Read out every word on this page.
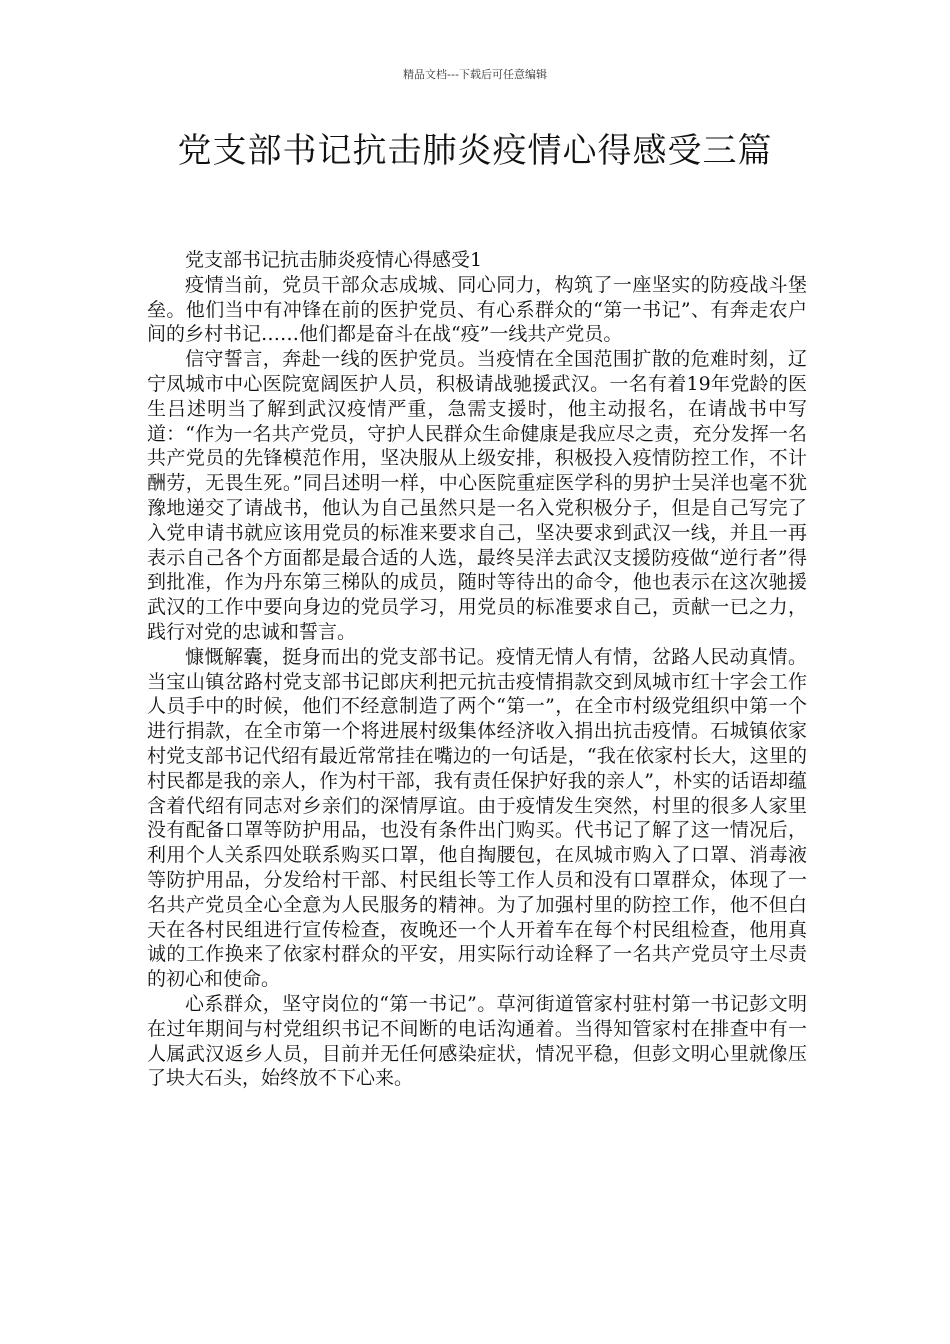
精品文档---下载后可任意编辑
党支部书记抗击肺炎疫情心得感受三篇

党支部书记抗击肺炎疫情心得感受1

疫情当前，党员干部众志成城、同心同力，构筑了一座坚实的防疫战斗堡垒。他们当中有冲锋在前的医护党员、有心系群众的“第一书记”、有奔走农户间的乡村书记……他们都是奋斗在战“疫”一线共产党员。

信守誓言，奔赴一线的医护党员。当疫情在全国范围扩散的危难时刻，辽宁凤城市中心医院宽阔医护人员，积极请战驰援武汉。一名有着19年党龄的医生吕述明当了解到武汉疫情严重，急需支援时，他主动报名，在请战书中写道：“作为一名共产党员，守护人民群众生命健康是我应尽之责，充分发挥一名共产党员的先锋模范作用，坚决服从上级安排，积极投入疫情防控工作，不计酬劳，无畏生死。”同吕述明一样，中心医院重症医学科的男护士吴洋也毫不犹豫地递交了请战书，他认为自己虽然只是一名入党积极分子，但是自己写完了入党申请书就应该用党员的标准来要求自己，坚决要求到武汉一线，并且一再表示自己各个方面都是最合适的人选，最终吴洋去武汉支援防疫做“逆行者”得到批准，作为丹东第三梯队的成员，随时等待出的命令，他也表示在这次驰援武汉的工作中要向身边的党员学习，用党员的标准要求自己，贡献一已之力，践行对党的忠诚和誓言。

慷慨解囊，挺身而出的党支部书记。疫情无情人有情，岔路人民动真情。当宝山镇岔路村党支部书记郎庆利把元抗击疫情捐款交到凤城市红十字会工作人员手中的时候，他们不经意制造了两个“第一”，在全市村级党组织中第一个进行捐款，在全市第一个将进展村级集体经济收入捐出抗击疫情。石城镇依家村党支部书记代绍有最近常常挂在嘴边的一句话是，“我在依家村长大，这里的村民都是我的亲人，作为村干部，我有责任保护好我的亲人”，朴实的话语却蕴含着代绍有同志对乡亲们的深情厚谊。由于疫情发生突然，村里的很多人家里没有配备口罩等防护用品，也没有条件出门购买。代书记了解了这一情况后，利用个人关系四处联系购买口罩，他自掏腰包，在凤城市购入了口罩、消毒液等防护用品，分发给村干部、村民组长等工作人员和没有口罩群众，体现了一名共产党员全心全意为人民服务的精神。为了加强村里的防控工作，他不但白天在各村民组进行宣传检查，夜晚还一个人开着车在每个村民组检查，他用真诚的工作换来了依家村群众的平安，用实际行动诠释了一名共产党员守土尽责的初心和使命。

心系群众，坚守岗位的“第一书记”。草河街道管家村驻村第一书记彭文明在过年期间与村党组织书记不间断的电话沟通着。当得知管家村在排查中有一人属武汉返乡人员，目前并无任何感染症状，情况平稳，但彭文明心里就像压了块大石头，始终放不下心来。
